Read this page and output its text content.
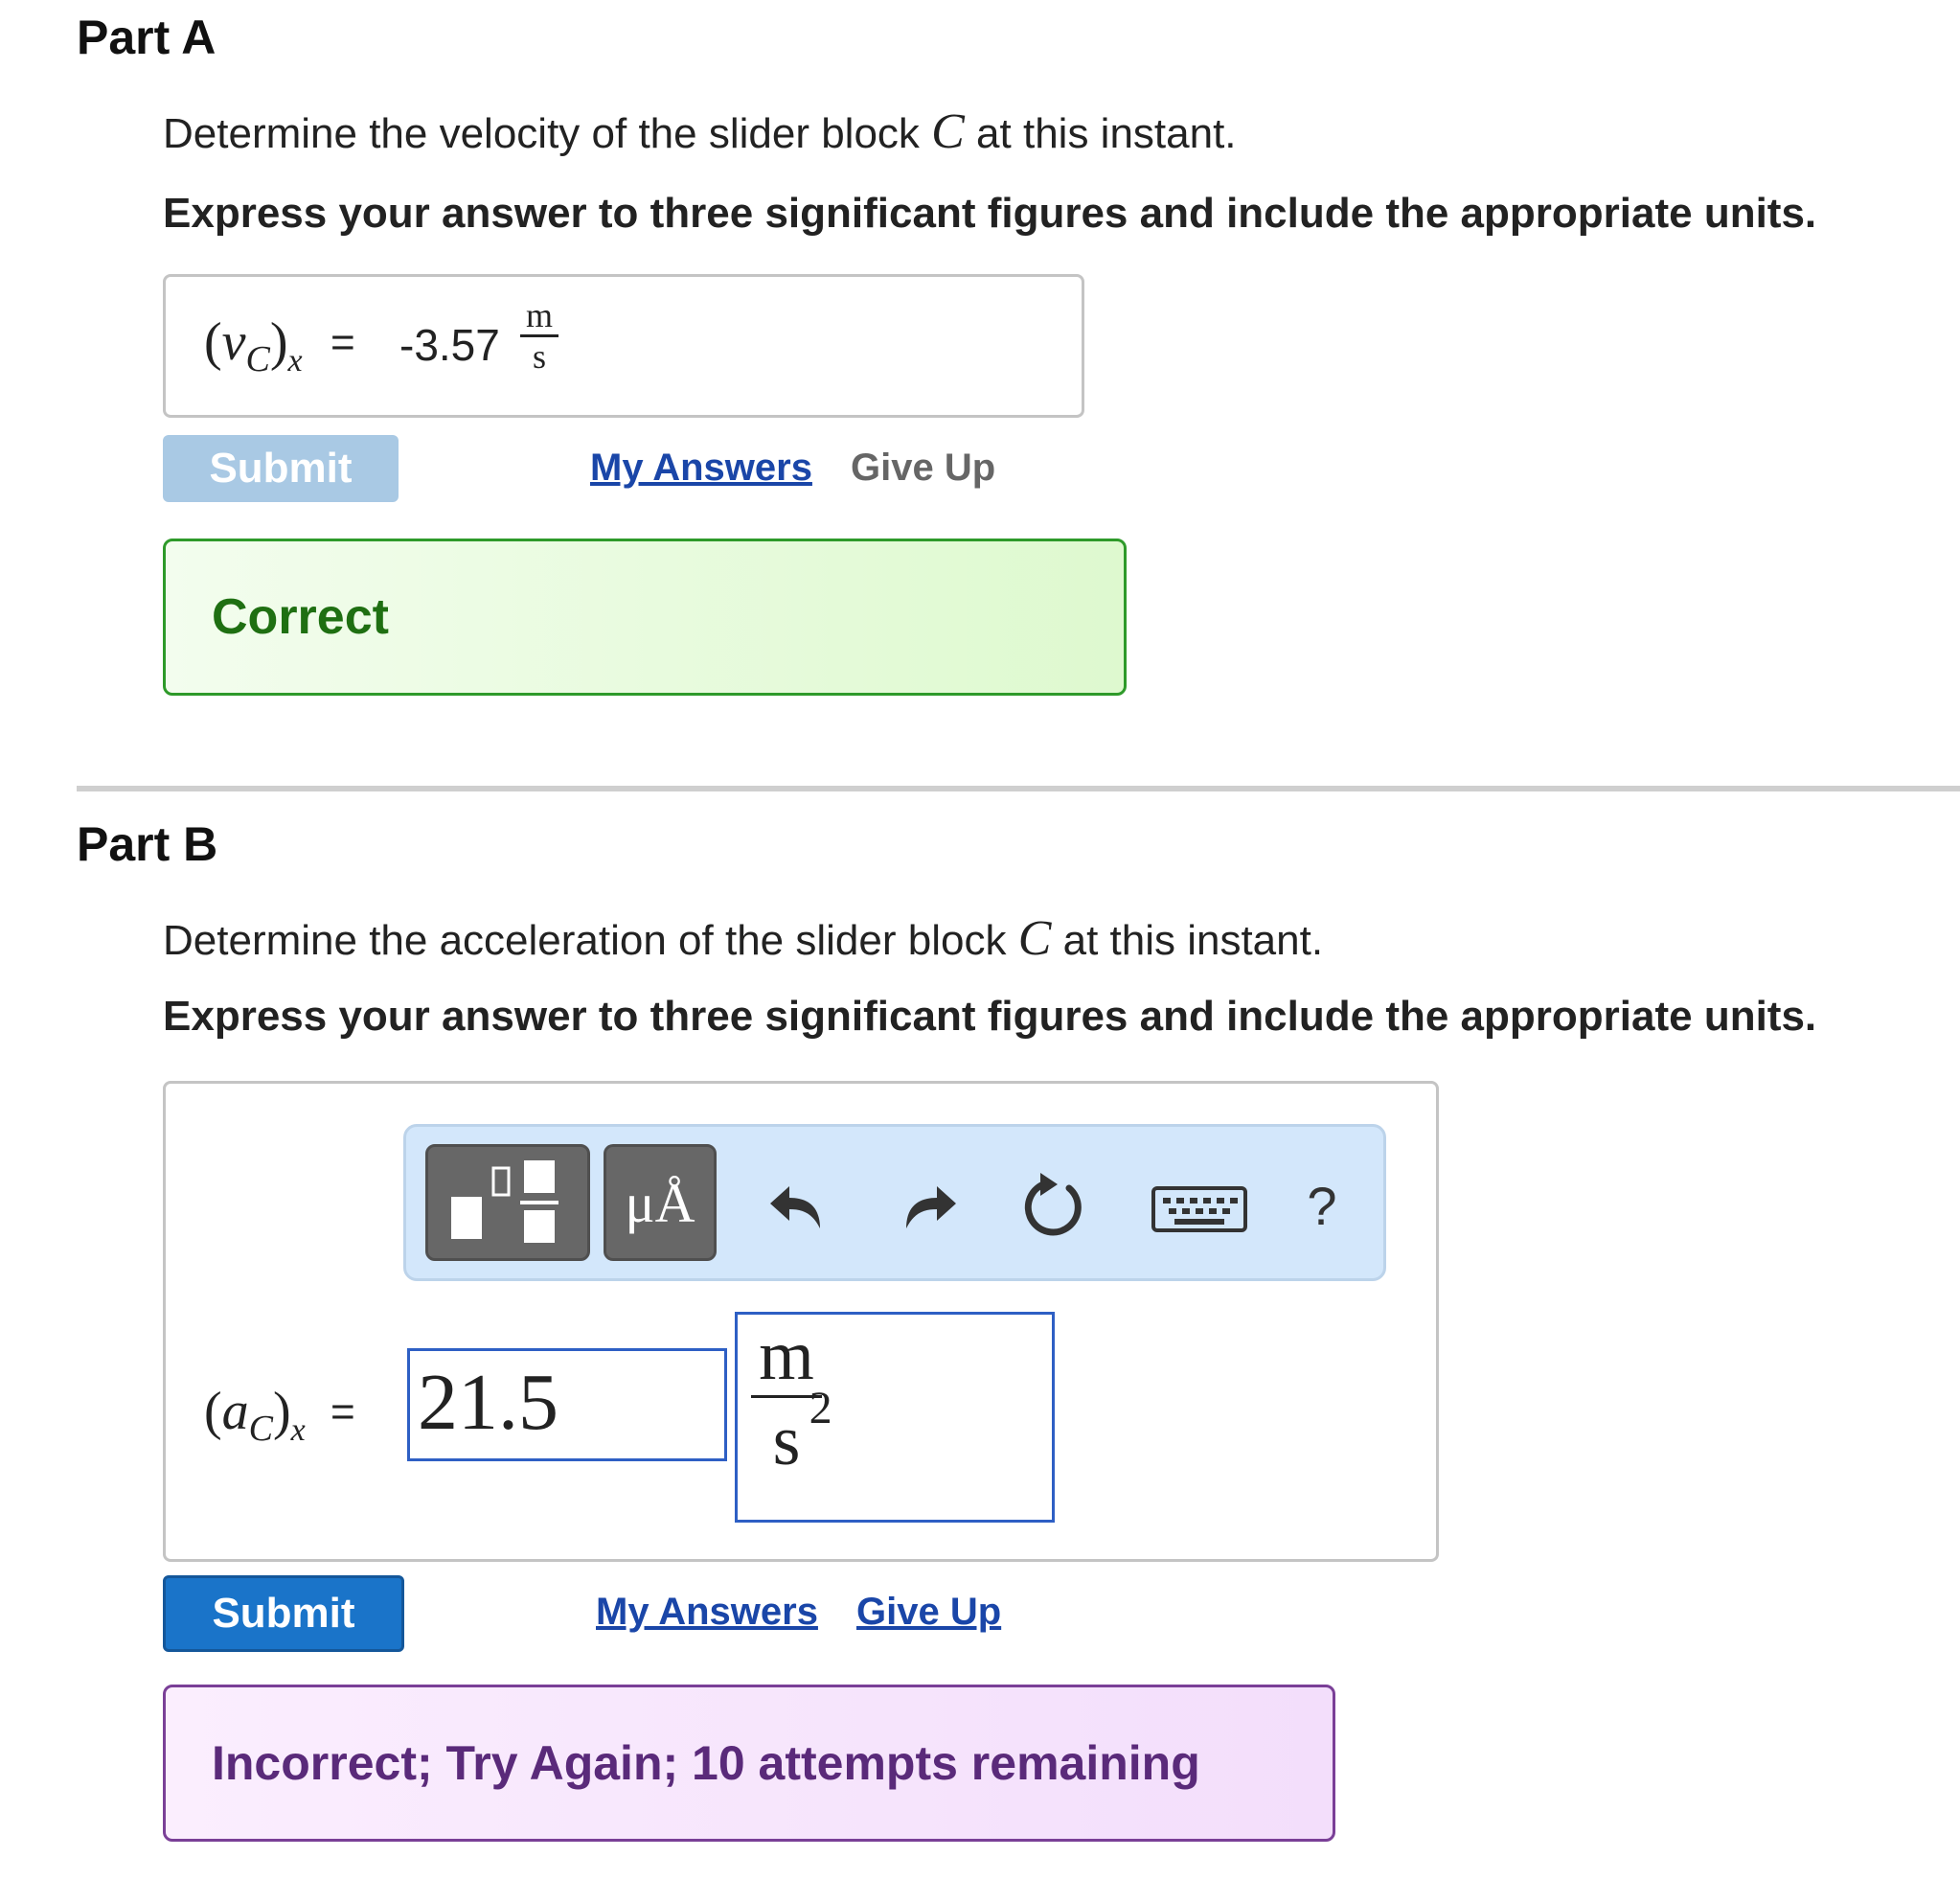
Part A
Determine the velocity of the slider block C at this instant.
Express your answer to three significant figures and include the appropriate units.
$(v_C)_x = -3.57$
m
s
Submit	My Answers Give Up
Correct
Part B
Determine the acceleration of the slider block C at this instant.
Express your answer to three significant figures and include the appropriate units.
μÅ	?
$(a_C)_x = 21.5$
m
s 2
Submit	My Answers Give Up
Incorrect; Try Again; 10 attempts remaining
